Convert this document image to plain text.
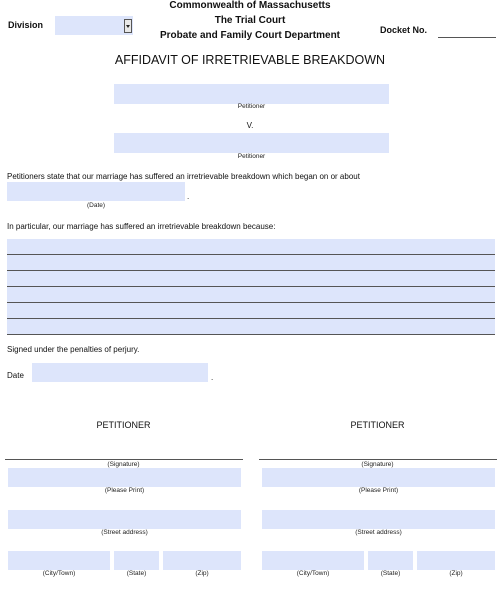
Commonwealth of Massachusetts
The Trial Court
Probate and Family Court Department
Division	Docket No.
AFFIDAVIT OF IRRETRIEVABLE BREAKDOWN
Petitioner
V.
Petitioner
Petitioners state that our marriage has suffered an irretrievable breakdown which began on or about
.
(Date)
In particular, our marriage has suffered an irretrievable breakdown because:
Signed under the penalties of perjury.
Date	.
PETITIONER
(Signature)
(Please Print)
(Street address)
(City/Town)	(State)	(Zip)
PETITIONER
(Signature)
(Please Print)
(Street address)
(City/Town)	(State)	(Zip)
